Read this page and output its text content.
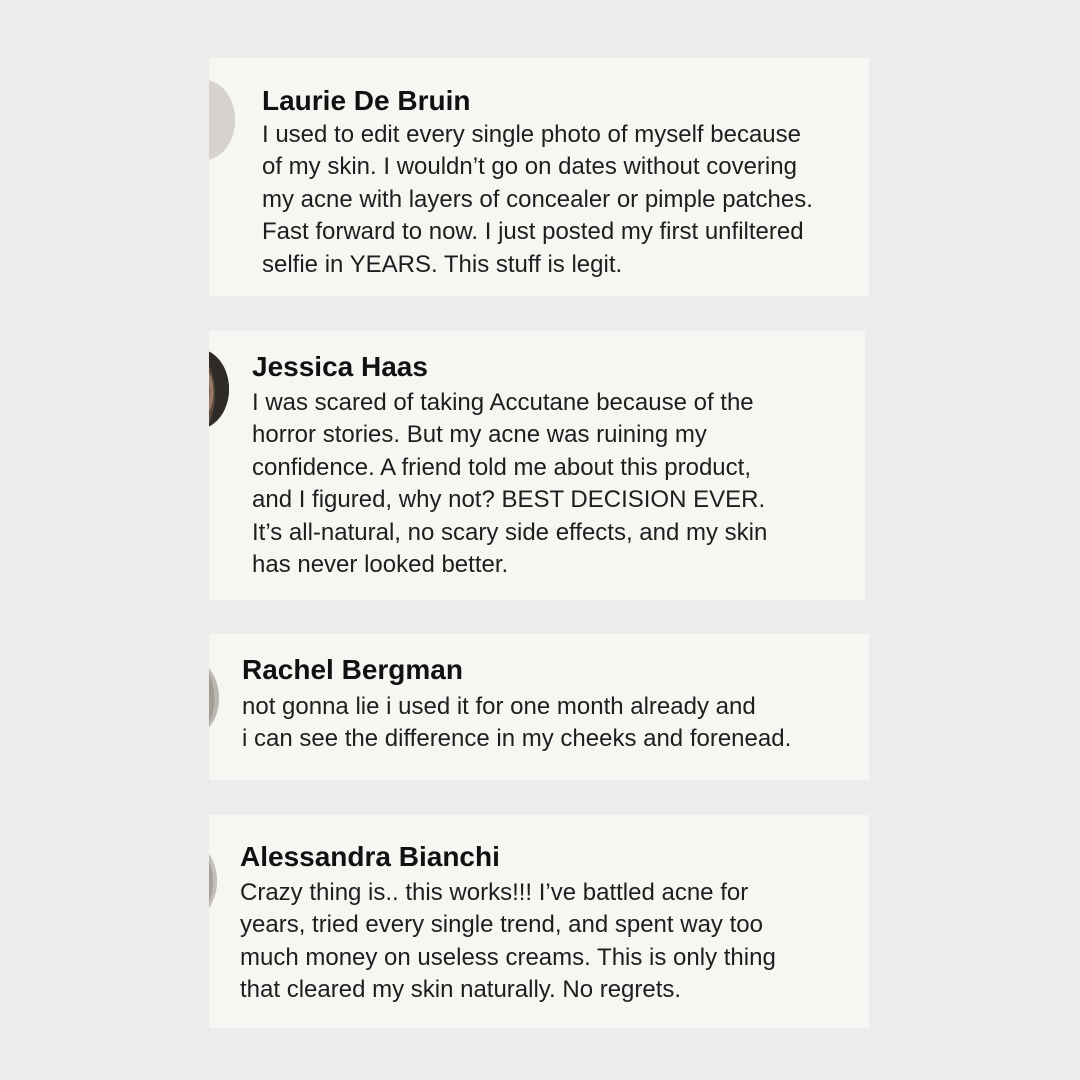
Laurie De Bruin
I used to edit every single photo of myself because
of my skin. I wouldn’t go on dates without covering
my acne with layers of concealer or pimple patches.
Fast forward to now. I just posted my first unfiltered
selfie in YEARS. This stuff is legit.
Jessica Haas
I was scared of taking Accutane because of the
horror stories. But my acne was ruining my
confidence. A friend told me about this product,
and I figured, why not? BEST DECISION EVER.
It’s all-natural, no scary side effects, and my skin
has never looked better.
Rachel Bergman
not gonna lie i used it for one month already and
i can see the difference in my cheeks and forenead.
Alessandra Bianchi
Crazy thing is.. this works!!! I’ve battled acne for
years, tried every single trend, and spent way too
much money on useless creams. This is only thing
that cleared my skin naturally. No regrets.
